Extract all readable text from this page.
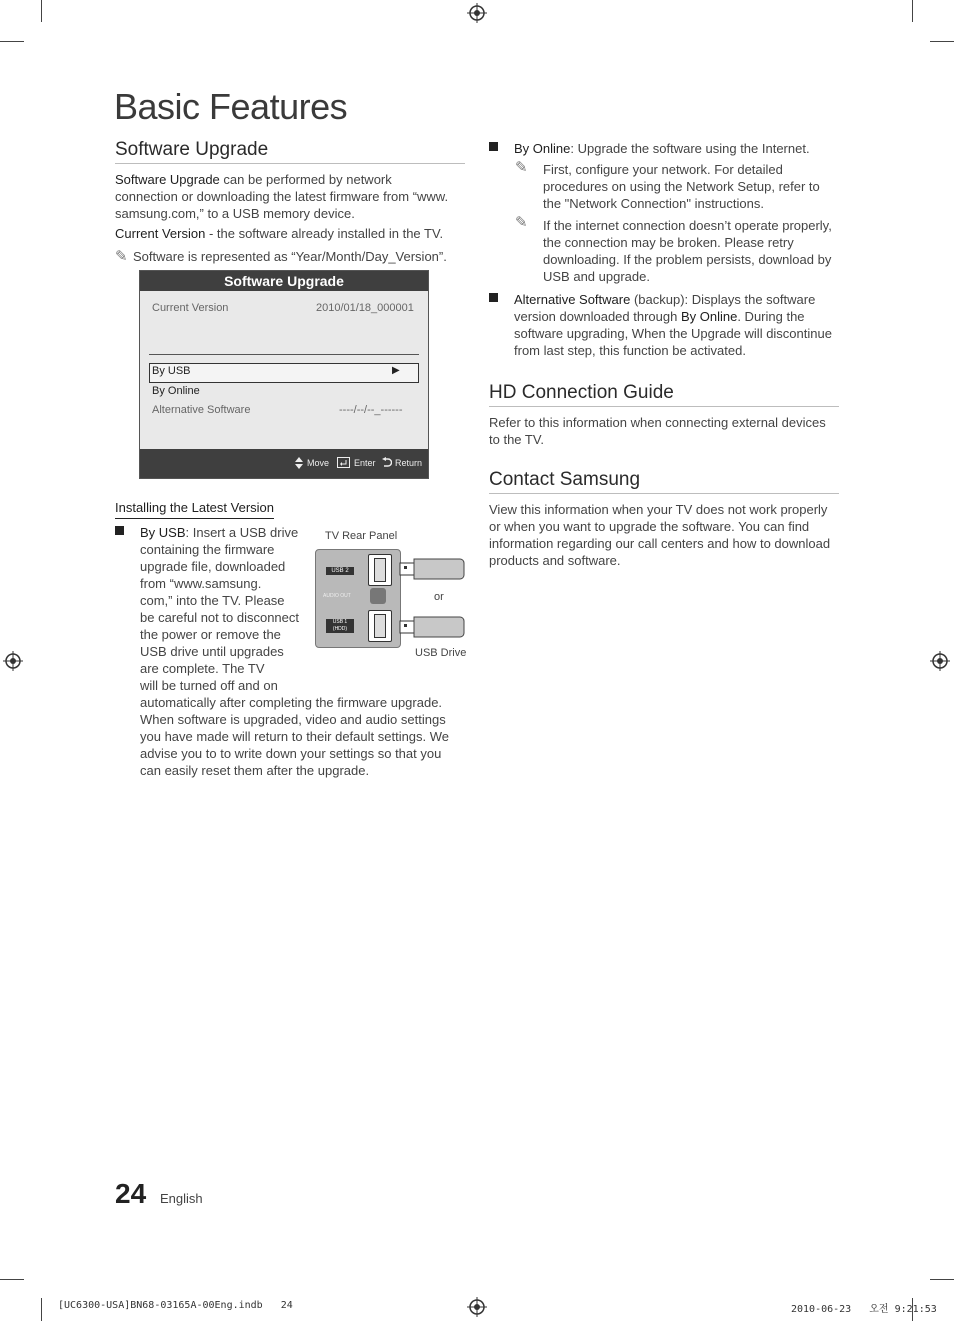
Basic Features
Software Upgrade

Software Upgrade can be performed by network

connection or downloading the latest firmware from “www.

samsung.com,” to a USB memory device.

Current Version - the software already installed in the TV.

✎ Software is represented as “Year/Month/Day_Version”.

Software Upgrade
Current Version	2010/01/18_000001
By USB	▶
By Online
Alternative Software	----/--/--_------
Move	Enter Return
Installing the Latest Version

By USB: Insert a USB drive

containing the firmware

upgrade file, downloaded

from “www.samsung.

com,” into the TV. Please

be careful not to disconnect

the power or remove the

USB drive until upgrades

are complete. The TV

will be turned off and on

automatically after completing the firmware upgrade.

When software is upgraded, video and audio settings

you have made will return to their default settings. We

advise you to to write down your settings so that you

can easily reset them after the upgrade.

TV Rear Panel
USB 2
AUDIO OUT
USB 1
(HDD)
or
USB Drive

By Online: Upgrade the software using the Internet.

✎	First, configure your network. For detailed

procedures on using the Network Setup, refer to

the "Network Connection" instructions.

✎	If the internet connection doesn’t operate properly,

the connection may be broken. Please retry

downloading. If the problem persists, download by

USB and upgrade.

Alternative Software (backup): Displays the software

version downloaded through By Online. During the

software upgrading, When the Upgrade will discontinue

from last step, this function be activated.

HD Connection Guide

Refer to this information when connecting external devices

to the TV.

Contact Samsung

View this information when your TV does not work properly

or when you want to upgrade the software. You can find

information regarding our call centers and how to download

products and software.

24 English
[UC6300-USA]BN68-03165A-00Eng.indb   24	2010-06-23   오전 9:21:53
